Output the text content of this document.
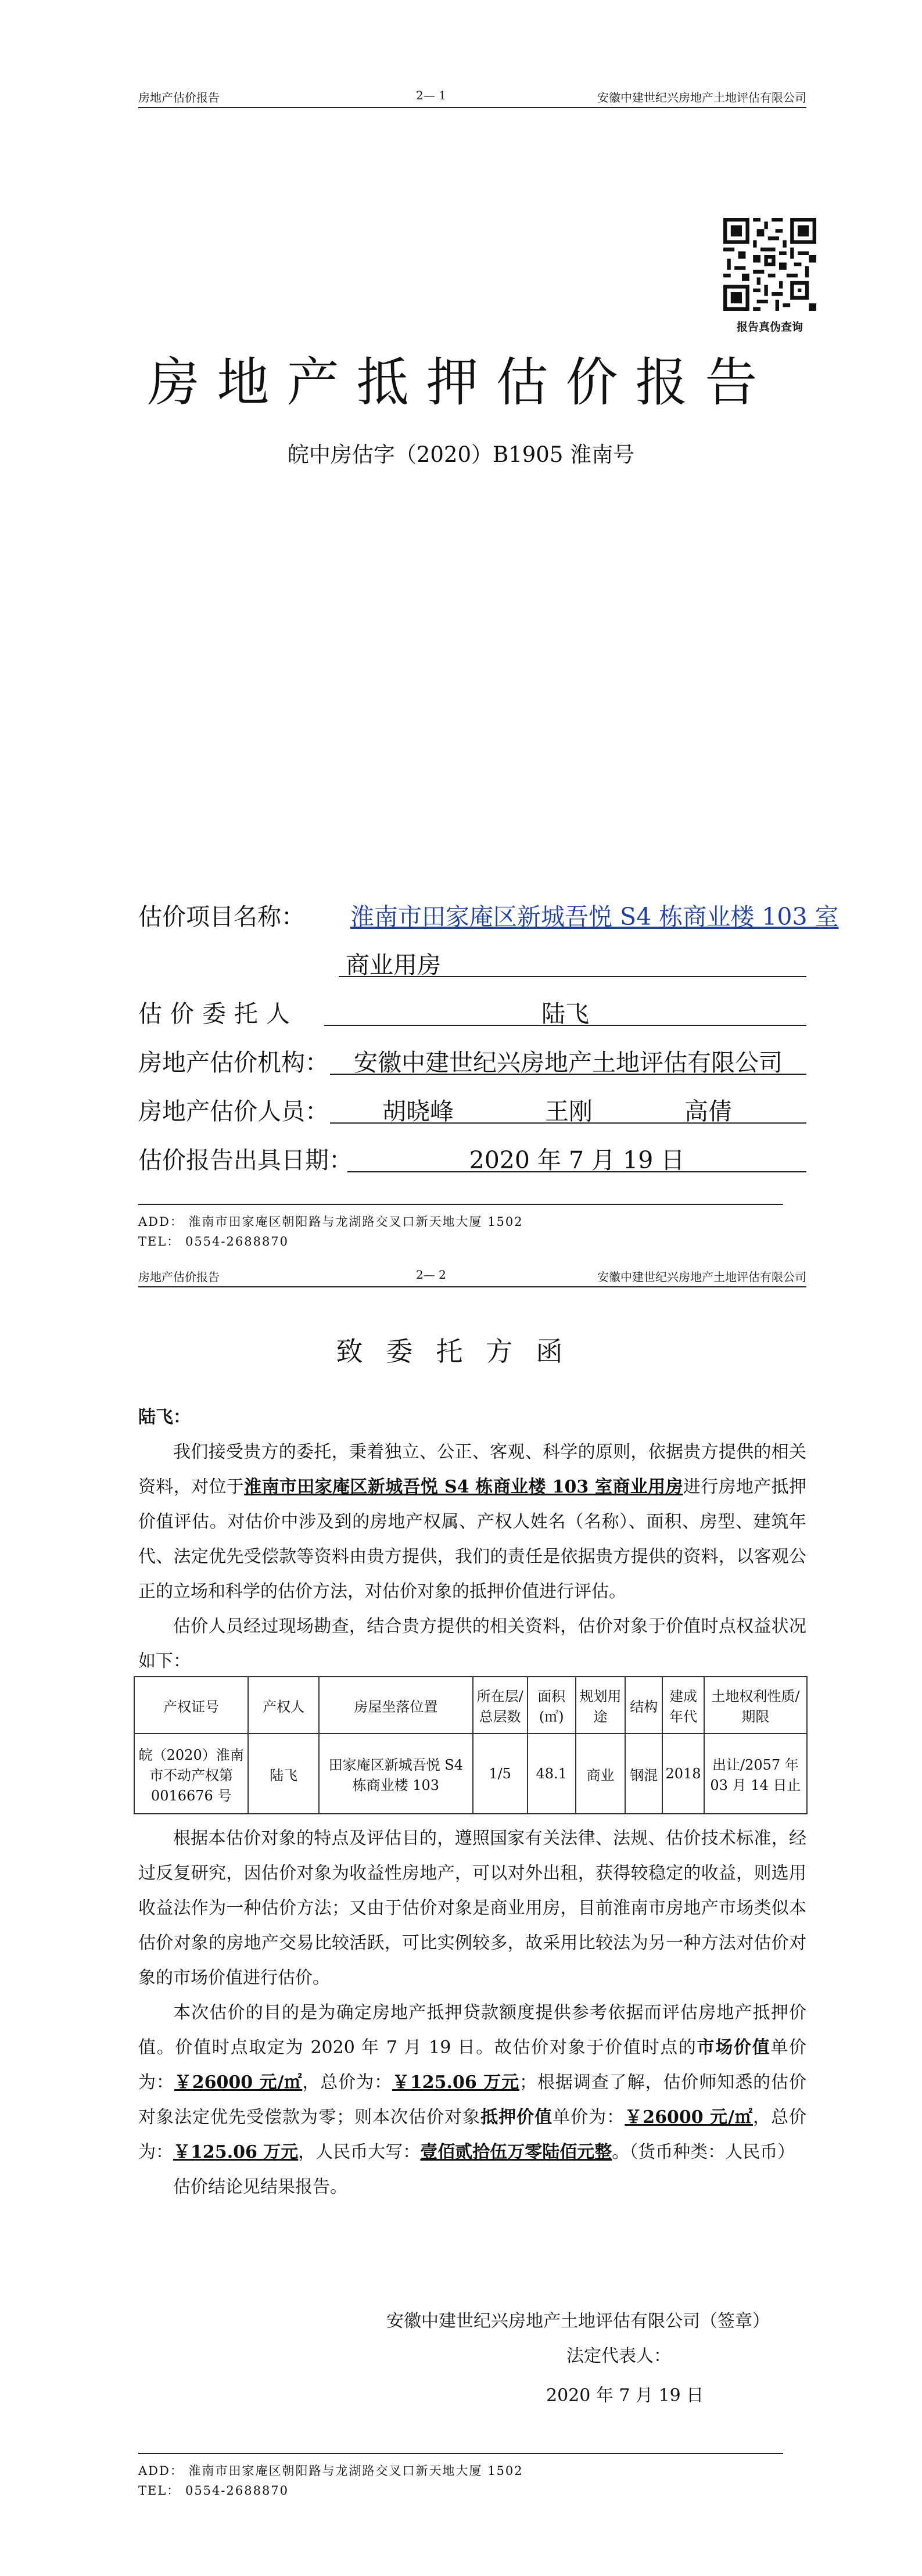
房地产估价报告	2— 1	安徽中建世纪兴房地产土地评估有限公司
报告真伪查询
房地产抵押估价报告
皖中房估字（2020）B1905 淮南号
估价项目名称： 淮南市田家庵区新城吾悦 S4 栋商业楼 103 室
商业用房
估价委托人	陆飞
房地产估价机构：	安徽中建世纪兴房地产土地评估有限公司
房地产估价人员： 胡晓峰	王刚	高倩
估价报告出具日期：	2020 年 7 月 19 日
ADD： 淮南市田家庵区朝阳路与龙湖路交叉口新天地大厦 1502
TEL： 0554-2688870
房地产估价报告	2— 2	安徽中建世纪兴房地产土地评估有限公司
致委托方函
陆飞：

我们接受贵方的委托，秉着独立、公正、客观、科学的原则，依据贵方提供的相关资料，对位于淮南市田家庵区新城吾悦 S4 栋商业楼 103 室商业用房进行房地产抵押价值评估。对估价中涉及到的房地产权属、产权人姓名（名称）、面积、房型、建筑年代、法定优先受偿款等资料由贵方提供，我们的责任是依据贵方提供的资料，以客观公正的立场和科学的估价方法，对估价对象的抵押价值进行评估。

估价人员经过现场勘查，结合贵方提供的相关资料，估价对象于价值时点权益状况如下：

产权证号	产权人	房屋坐落位置	所在层/总层数	面积(㎡)	规划用途	结构	建成年代	土地权利性质/期限
皖（2020）淮南市不动产权第 0016676 号	陆飞	田家庵区新城吾悦 S4 栋商业楼 103	1/5	48.1	商业	钢混	2018	出让/2057 年 03 月 14 日止

根据本估价对象的特点及评估目的，遵照国家有关法律、法规、估价技术标准，经过反复研究，因估价对象为收益性房地产，可以对外出租，获得较稳定的收益，则选用收益法作为一种估价方法；又由于估价对象是商业用房，目前淮南市房地产市场类似本估价对象的房地产交易比较活跃，可比实例较多，故采用比较法为另一种方法对估价对象的市场价值进行估价。

本次估价的目的是为确定房地产抵押贷款额度提供参考依据而评估房地产抵押价值。价值时点取定为 2020 年 7 月 19 日。故估价对象于价值时点的市场价值单价为：￥26000 元/㎡，总价为：￥125.06 万元；根据调查了解，估价师知悉的估价对象法定优先受偿款为零；则本次估价对象抵押价值单价为：￥26000 元/㎡，总价为：￥125.06 万元，人民币大写：壹佰贰拾伍万零陆佰元整。（货币种类：人民币）

估价结论见结果报告。

安徽中建世纪兴房地产土地评估有限公司（签章）
法定代表人：
2020 年 7 月 19 日
ADD： 淮南市田家庵区朝阳路与龙湖路交叉口新天地大厦 1502
TEL： 0554-2688870
